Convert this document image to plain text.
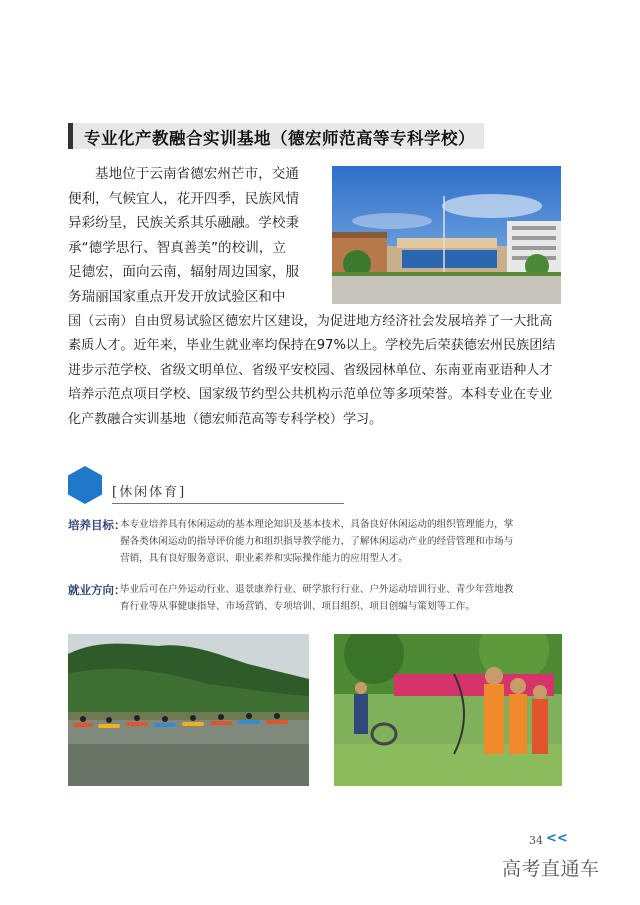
专业化产教融合实训基地（德宏师范高等专科学校）
基地位于云南省德宏州芒市，交通
便利，气候宜人，花开四季，民族风情
异彩纷呈，民族关系其乐融融。学校秉
承“德学思行、智真善美”的校训，立
足德宏，面向云南，辐射周边国家，服
务瑞丽国家重点开发开放试验区和中
国（云南）自由贸易试验区德宏片区建设，为促进地方经济社会发展培养了一大批高
素质人才。近年来，毕业生就业率均保持在97%以上。学校先后荣获德宏州民族团结
进步示范学校、省级文明单位、省级平安校园、省级园林单位、东南亚南亚语种人才
培养示范点项目学校、国家级节约型公共机构示范单位等多项荣誉。本科专业在专业
化产教融合实训基地（德宏师范高等专科学校）学习。
[休闲体育]
培养目标：
本专业培养具有休闲运动的基本理论知识及基本技术，具备良好休闲运动的组织管理能力，掌
握各类休闲运动的指导评价能力和组织指导教学能力，了解休闲运动产业的经营管理和市场与
营销，具有良好服务意识、职业素养和实际操作能力的应用型人才。
就业方向：
毕业后可在户外运动行业、退景康养行业、研学旅行行业、户外运动培训行业、青少年营地教
育行业等从事健康指导、市场营销、专项培训、项目组织、项目创编与策划等工作。
34 <<
高考直通车
